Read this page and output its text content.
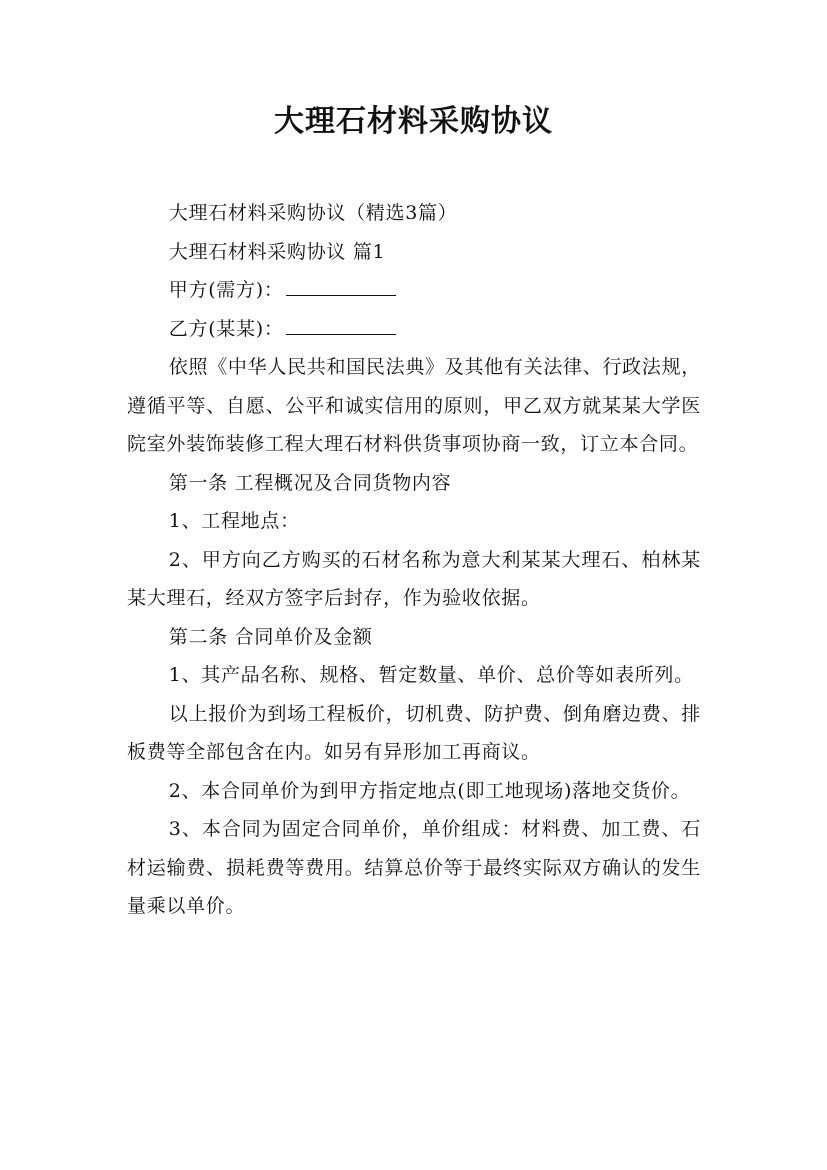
大理石材料采购协议

大理石材料采购协议（精选3篇）

大理石材料采购协议 篇1

甲方(需方)：

乙方(某某)：

依照《中华人民共和国民法典》及其他有关法律、行政法规，遵循平等、自愿、公平和诚实信用的原则，甲乙双方就某某大学医院室外装饰装修工程大理石材料供货事项协商一致，订立本合同。

第一条 工程概况及合同货物内容

1、工程地点：

2、甲方向乙方购买的石材名称为意大利某某大理石、柏林某某大理石，经双方签字后封存，作为验收依据。

第二条 合同单价及金额

1、其产品名称、规格、暂定数量、单价、总价等如表所列。

以上报价为到场工程板价，切机费、防护费、倒角磨边费、排板费等全部包含在内。如另有异形加工再商议。

2、本合同单价为到甲方指定地点(即工地现场)落地交货价。

3、本合同为固定合同单价，单价组成：材料费、加工费、石材运输费、损耗费等费用。结算总价等于最终实际双方确认的发生量乘以单价。
